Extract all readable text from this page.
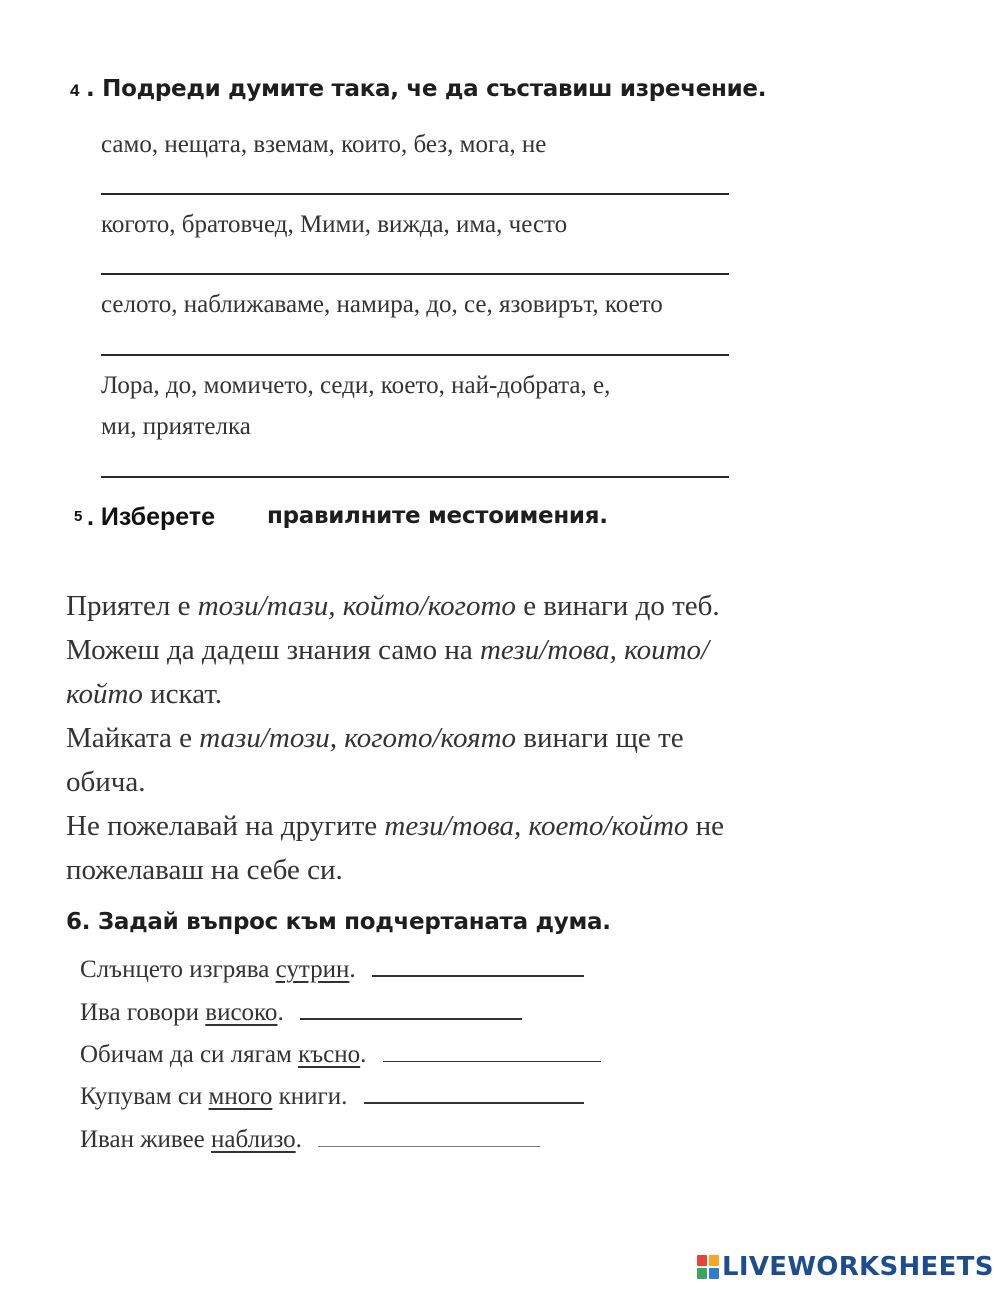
4 . Подреди думите така, че да съставиш изречение.
само, нещата, вземам, които, без, мога, не
когото, братовчед, Мими, вижда, има, често
селото, наближаваме, намира, до, се, язовирът, което
Лора, до, момичето, седи, което, най-добрата, е,
ми, приятелка
5 . Изберете правилните местоимения.
Приятел е този/тази, който/когото е винаги до теб.
Можеш да дадеш знания само на тези/това, които/
който искат.
Майката е тази/този, когото/която винаги ще те
обича.
Не пожелавай на другите тези/това, което/който не
пожелаваш на себе си.
6. Задай въпрос към подчертаната дума.
Слънцето изгрява сутрин.
Ива говори високо.
Обичам да си лягам късно.
Купувам си много книги.
Иван живее наблизо.
LIVEWORKSHEETS
